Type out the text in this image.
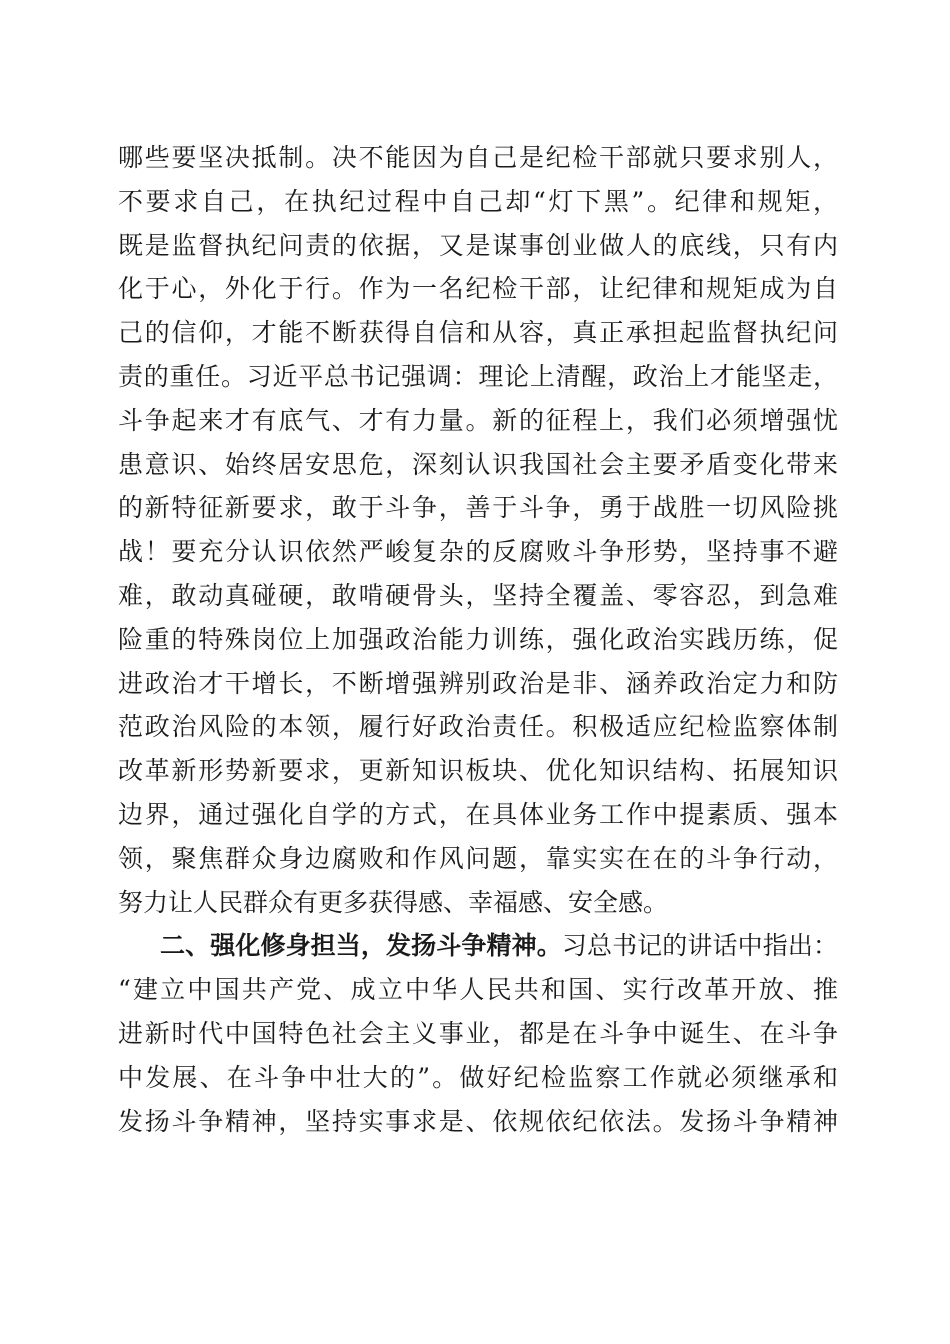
哪些要坚决抵制。决不能因为自己是纪检干部就只要求别人，
不要求自己，在执纪过程中自己却“灯下黑”。纪律和规矩，
既是监督执纪问责的依据，又是谋事创业做人的底线，只有内
化于心，外化于行。作为一名纪检干部，让纪律和规矩成为自
己的信仰，才能不断获得自信和从容，真正承担起监督执纪问
责的重任。习近平总书记强调：理论上清醒，政治上才能坚走，
斗争起来才有底气、才有力量。新的征程上，我们必须增强忧
患意识、始终居安思危，深刻认识我国社会主要矛盾变化带来
的新特征新要求，敢于斗争，善于斗争，勇于战胜一切风险挑
战！要充分认识依然严峻复杂的反腐败斗争形势，坚持事不避
难，敢动真碰硬，敢啃硬骨头，坚持全覆盖、零容忍，到急难
险重的特殊岗位上加强政治能力训练，强化政治实践历练，促
进政治才干增长，不断增强辨别政治是非、涵养政治定力和防
范政治风险的本领，履行好政治责任。积极适应纪检监察体制
改革新形势新要求，更新知识板块、优化知识结构、拓展知识
边界，通过强化自学的方式，在具体业务工作中提素质、强本
领，聚焦群众身边腐败和作风问题，靠实实在在的斗争行动，
努力让人民群众有更多获得感、幸福感、安全感。
二、强化修身担当，发扬斗争精神。习总书记的讲话中指出：
“建立中国共产党、成立中华人民共和国、实行改革开放、推
进新时代中国特色社会主义事业，都是在斗争中诞生、在斗争
中发展、在斗争中壮大的”。做好纪检监察工作就必须继承和
发扬斗争精神，坚持实事求是、依规依纪依法。发扬斗争精神
